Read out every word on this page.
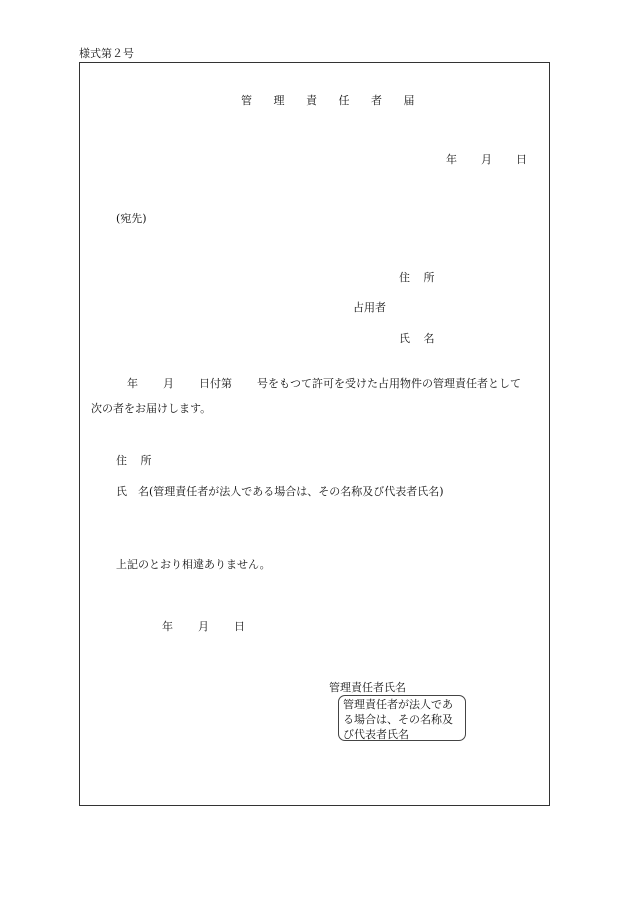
様式第２号
管 理 責 任 者 届
年 月 日
(宛先)
住 所
占用者
氏 名
年 月 日付第 号をもつて許可を受けた占用物件の管理責任者として
次の者をお届けします。
住 所
氏　名(管理責任者が法人である場合は、その名称及び代表者氏名)
上記のとおり相違ありません。
年 月 日
管理責任者氏名
管理責任者が法人であ
る場合は、その名称及
び代表者氏名
